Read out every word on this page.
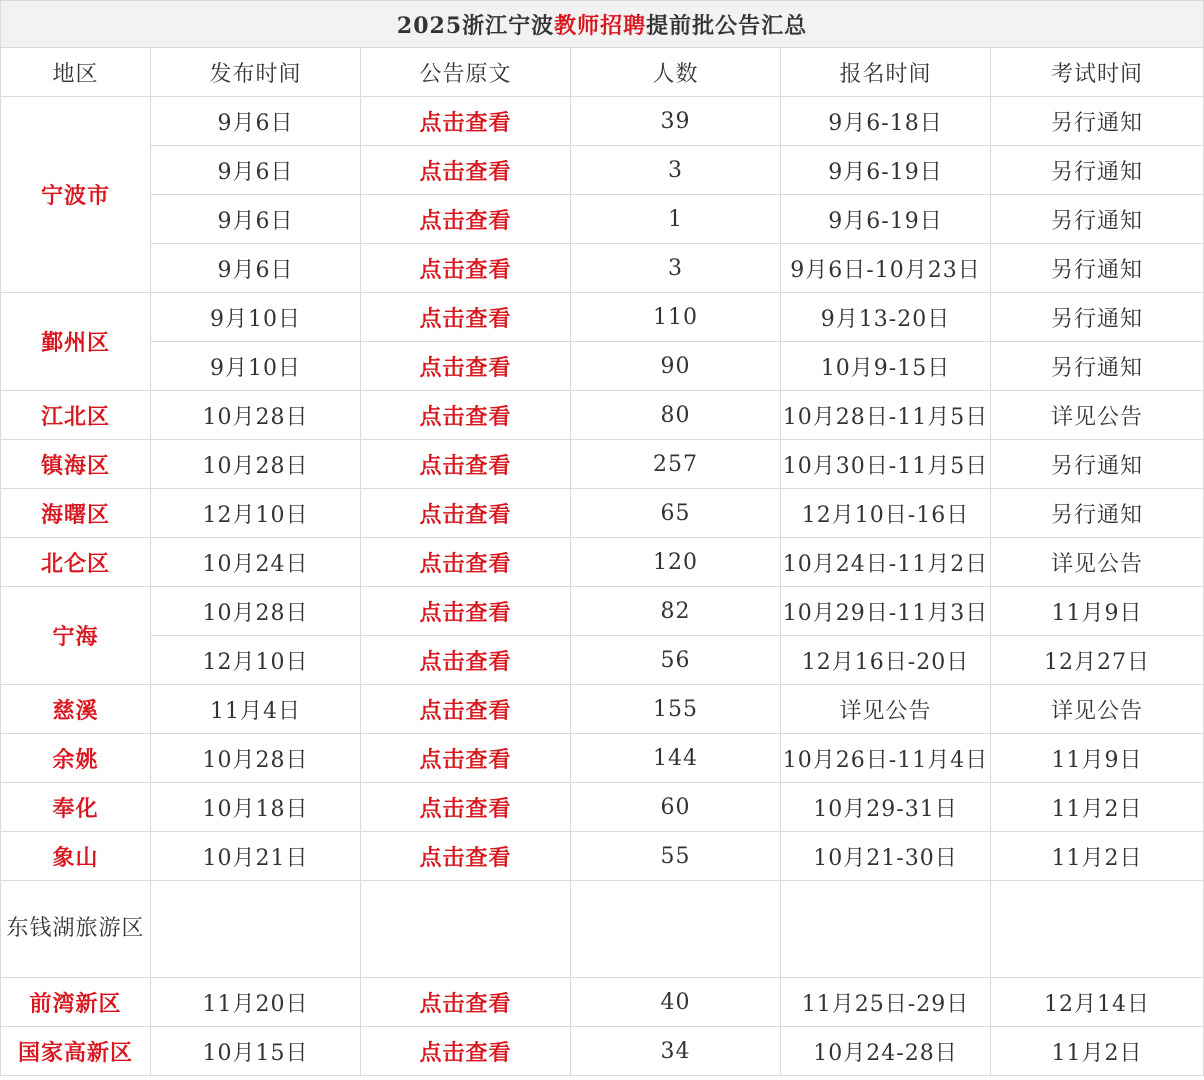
2025浙江宁波教师招聘提前批公告汇总					
地区	发布时间	公告原文	人数	报名时间	考试时间
宁波市	9月6日	点击查看	39	9月6-18日	另行通知
	9月6日	点击查看	3	9月6-19日	另行通知
	9月6日	点击查看	1	9月6-19日	另行通知
	9月6日	点击查看	3	9月6日-10月23日	另行通知
鄞州区	9月10日	点击查看	110	9月13-20日	另行通知
	9月10日	点击查看	90	10月9-15日	另行通知
江北区	10月28日	点击查看	80	10月28日-11月5日	详见公告
镇海区	10月28日	点击查看	257	10月30日-11月5日	另行通知
海曙区	12月10日	点击查看	65	12月10日-16日	另行通知
北仑区	10月24日	点击查看	120	10月24日-11月2日	详见公告
宁海	10月28日	点击查看	82	10月29日-11月3日	11月9日
	12月10日	点击查看	56	12月16日-20日	12月27日
慈溪	11月4日	点击查看	155	详见公告	详见公告
余姚	10月28日	点击查看	144	10月26日-11月4日	11月9日
奉化	10月18日	点击查看	60	10月29-31日	11月2日
象山	10月21日	点击查看	55	10月21-30日	11月2日
东钱湖旅游区					
前湾新区	11月20日	点击查看	40	11月25日-29日	12月14日
国家高新区	10月15日	点击查看	34	10月24-28日	11月2日
